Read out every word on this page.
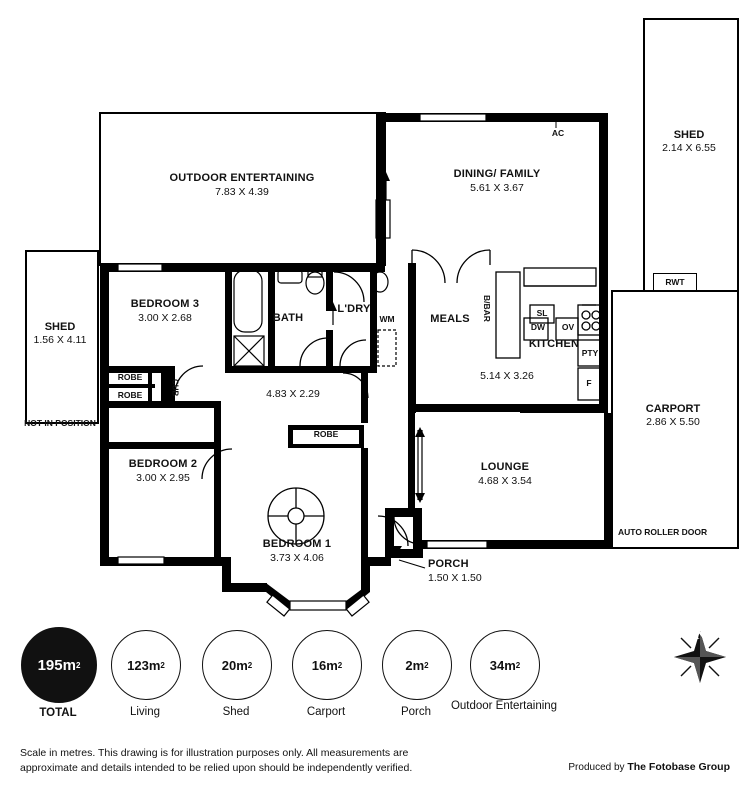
N
SHED
2.14 X 6.55
SHED
1.56 X 4.11
NOT IN POSITION
CARPORT
2.86 X 5.50
AUTO ROLLER DOOR
RWT
OUTDOOR ENTERTAINING
7.83 X 4.39
DINING/ FAMILY
5.61 X 3.67
BEDROOM 3
3.00 X 2.68	BATH
L'DRY
MEALS
KITCHEN
5.14 X 3.26
4.83 X 2.29
BEDROOM 2
3.00 X 2.95
LOUNGE
4.68 X 3.54
BEDROOM 1
3.73 X 4.06
PORCH
1.50 X 1.50
AC
WM	B/BAR	SL
DW	OV
PTY
F
CUB
ROBE
ROBE
ROBE
195 m 2
TOTAL
123 m 2
Living
20 m 2
Shed
16 m 2
Carport
2 m 2
Porch
34 m 2
Outdoor Entertaining
Scale in metres. This drawing is for illustration purposes only. All measurements are
approximate and details intended to be relied upon should be independently verified.	Produced by The Fotobase Group
